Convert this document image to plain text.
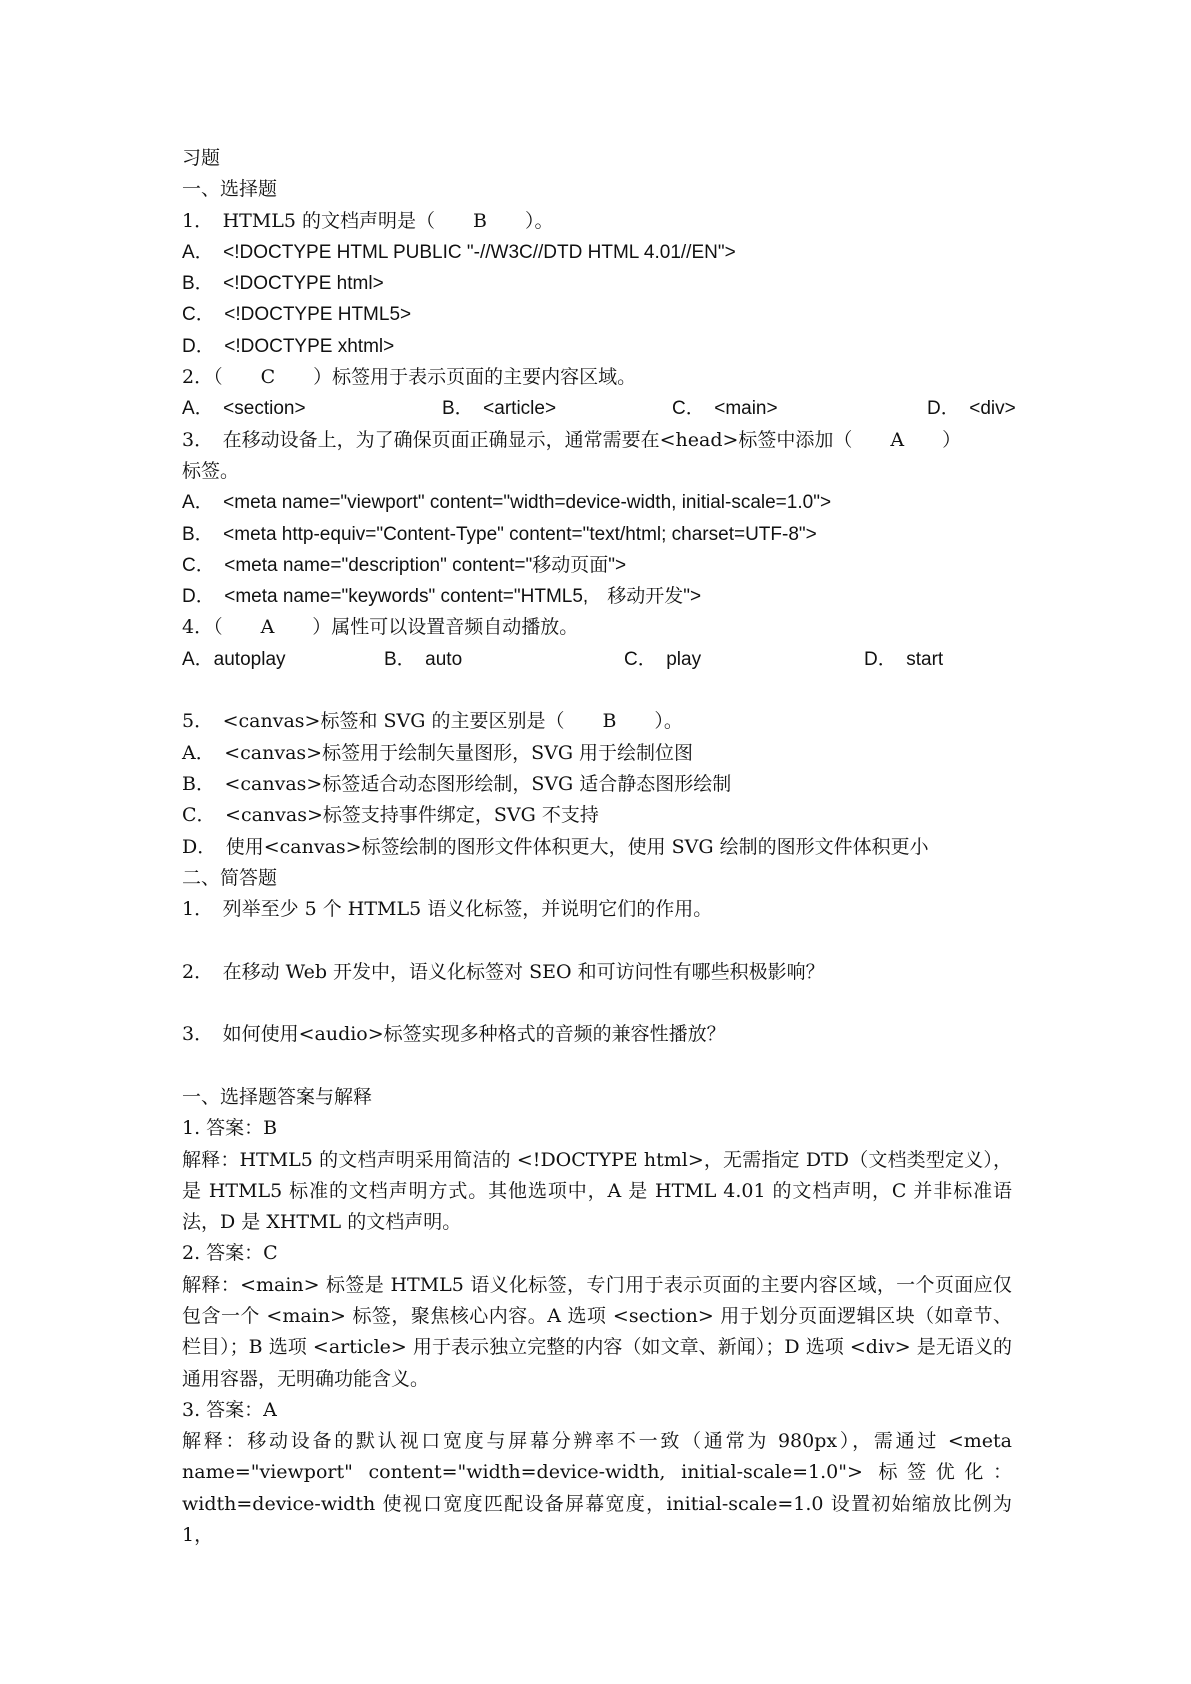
习题
一、选择题
1．　HTML5 的文档声明是（　　B　　）。
A．　<!DOCTYPE HTML PUBLIC "-//W3C//DTD HTML 4.01//EN">
B．　<!DOCTYPE html>
C．　<!DOCTYPE HTML5>
D．　<!DOCTYPE xhtml>
2．（　　C　　）标签用于表示页面的主要内容区域。
A．　<section>	B．　<article>	C．　<main>	D．　<div>
3．　在移动设备上，为了确保页面正确显示，通常需要在<head>标签中添加（　　A　　）
标签。
A．　<meta name="viewport" content="width=device-width, initial-scale=1.0">
B．　<meta http-equiv="Content-Type" content="text/html; charset=UTF-8">
C．　<meta name="description" content="移动页面">
D．　<meta name="keywords" content="HTML5,　移动开发">
4．（　　A　　）属性可以设置音频自动播放。
A．autoplay	B．　auto	C．　play	D．　start
5．　<canvas>标签和 SVG 的主要区别是（　　B　　）。
A．　<canvas>标签用于绘制矢量图形，SVG 用于绘制位图
B．　<canvas>标签适合动态图形绘制，SVG 适合静态图形绘制
C．　<canvas>标签支持事件绑定，SVG 不支持
D．　使用<canvas>标签绘制的图形文件体积更大，使用 SVG 绘制的图形文件体积更小
二、简答题
1．　列举至少 5 个 HTML5 语义化标签，并说明它们的作用。
2．　在移动 Web 开发中，语义化标签对 SEO 和可访问性有哪些积极影响？
3．　如何使用<audio>标签实现多种格式的音频的兼容性播放？
一、选择题答案与解释
1. 答案：B
解释：HTML5 的文档声明采用简洁的 <!DOCTYPE html>，无需指定 DTD（文档类型定义），是 HTML5 标准的文档声明方式。其他选项中，A 是 HTML 4.01 的文档声明，C 并非标准语法，D 是 XHTML 的文档声明。
2. 答案：C
解释：<main> 标签是 HTML5 语义化标签，专门用于表示页面的主要内容区域，一个页面应仅包含一个 <main> 标签，聚焦核心内容。A 选项 <section> 用于划分页面逻辑区块（如章节、栏目）；B 选项 <article> 用于表示独立完整的内容（如文章、新闻）；D 选项 <div> 是无语义的通用容器，无明确功能含义。
3. 答案：A
解释：移动设备的默认视口宽度与屏幕分辨率不一致（通常为 980px），需通过 <meta name="viewport" content="width=device-width, initial-scale=1.0"> 标签优化：width=device-width 使视口宽度匹配设备屏幕宽度，initial-scale=1.0 设置初始缩放比例为 1，
